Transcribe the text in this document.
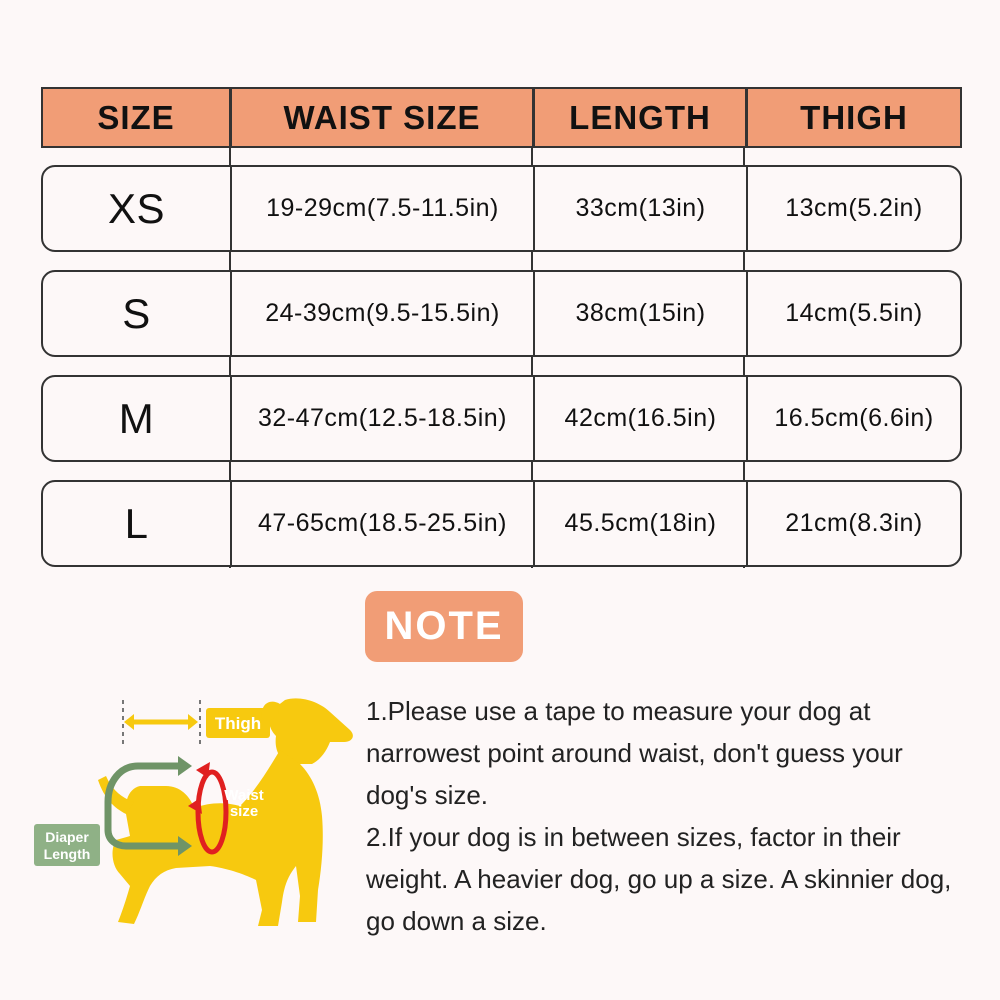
SIZE	WAIST SIZE	LENGTH	THIGH
XS	19-29cm(7.5-11.5in)	33cm(13in)	13cm(5.2in)
S	24-39cm(9.5-15.5in)	38cm(15in)	14cm(5.5in)
M	32-47cm(12.5-18.5in)	42cm(16.5in)	16.5cm(6.6in)
L	47-65cm(18.5-25.5in)	45.5cm(18in)	21cm(8.3in)
NOTE
Thigh
Waist
size
Diaper
Length

1.Please use a tape to measure your dog at narrowest point around waist, don't guess your dog's size.

2.If your dog is in between sizes, factor in their weight. A heavier dog, go up a size. A skinnier dog, go down a size.
